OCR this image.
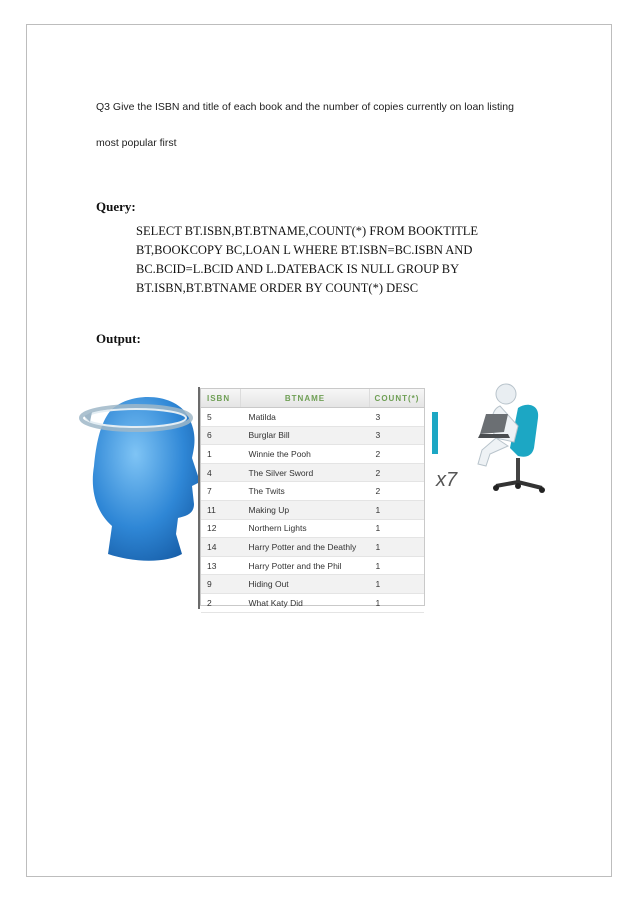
Q3 Give the ISBN and title of each book and the number of copies currently on loan listing
most popular first
Query:
SELECT BT.ISBN,BT.BTNAME,COUNT(*) FROM BOOKTITLE
BT,BOOKCOPY BC,LOAN L WHERE BT.ISBN=BC.ISBN AND
BC.BCID=L.BCID AND L.DATEBACK IS NULL GROUP BY
BT.ISBN,BT.BTNAME ORDER BY COUNT(*) DESC
Output:
x7
ISBN	BTNAME	COUNT(*)
5	Matilda	3
6	Burglar Bill	3
1	Winnie the Pooh	2
4	The Silver Sword	2
7	The Twits	2
11	Making Up	1
12	Northern Lights	1
14	Harry Potter and the Deathly	1
13	Harry Potter and the Phil	1
9	Hiding Out	1
2	What Katy Did	1
